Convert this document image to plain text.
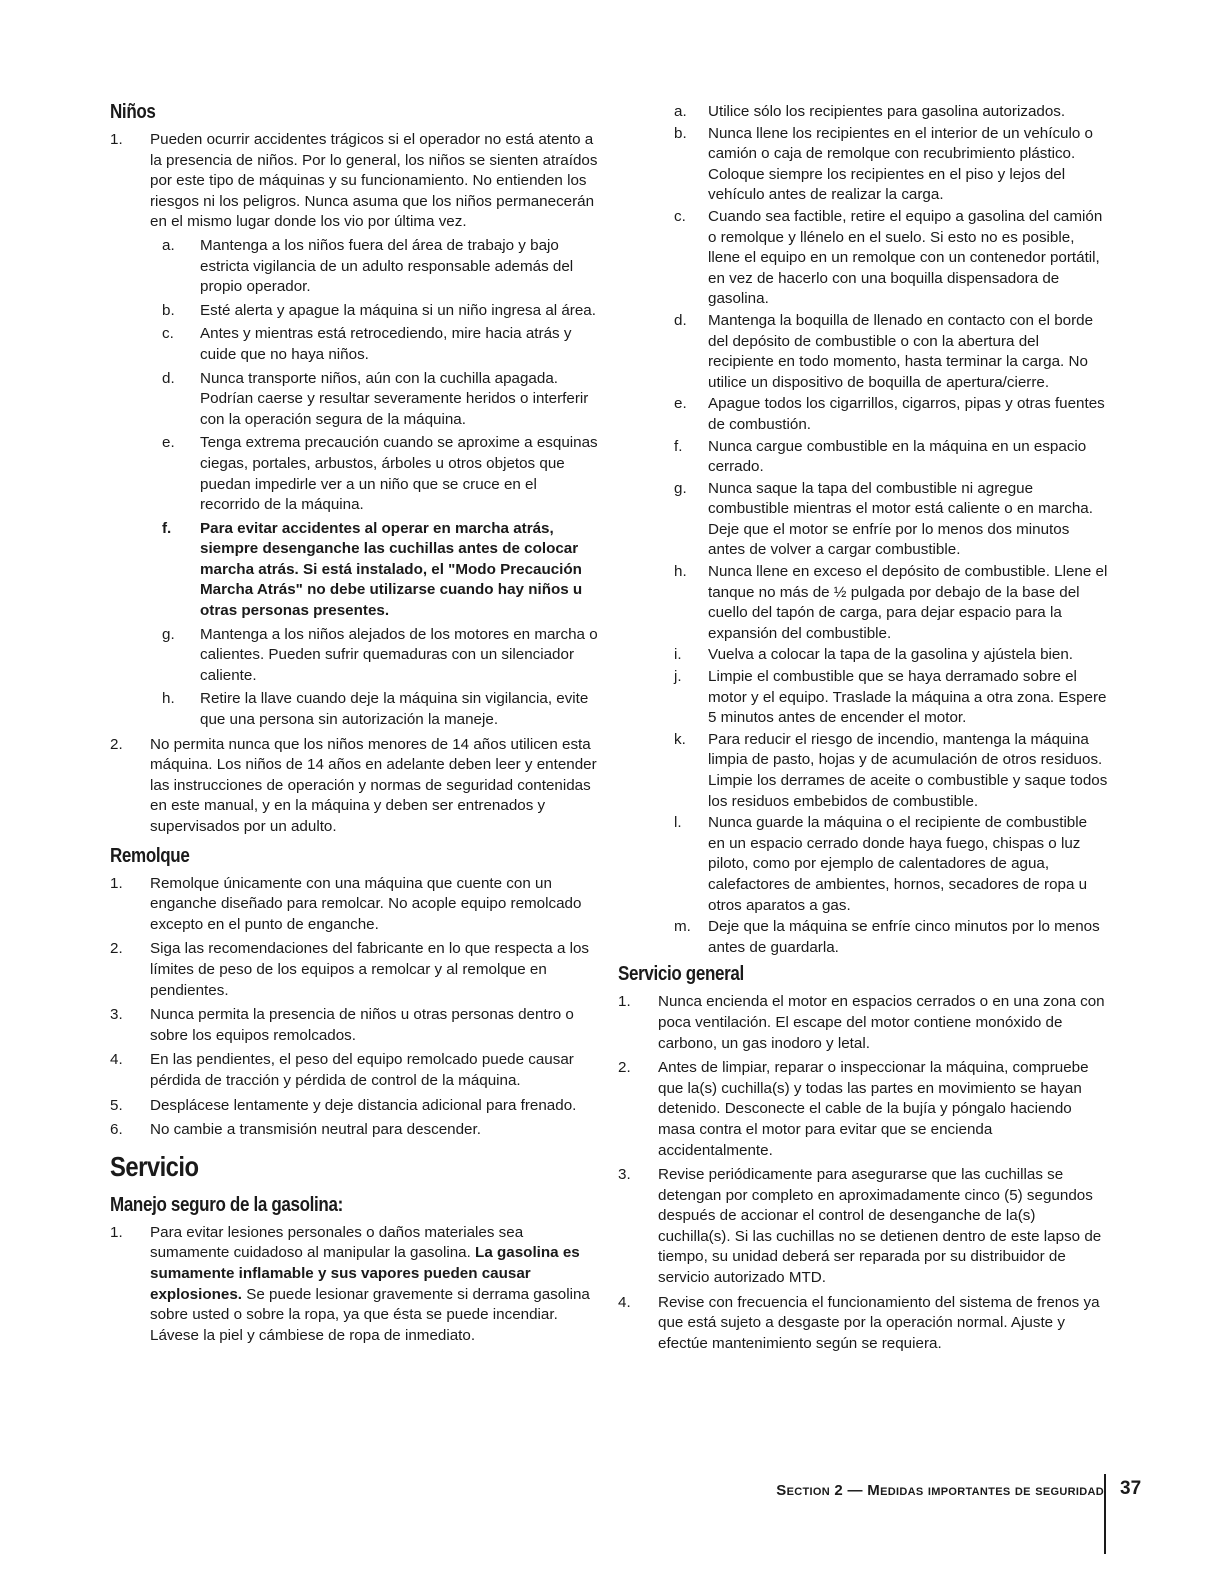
Niños
1. Pueden ocurrir accidentes trágicos si el operador no está atento a la presencia de niños. Por lo general, los niños se sienten atraídos por este tipo de máquinas y su funcionamiento. No entienden los riesgos ni los peligros. Nunca asuma que los niños permanecerán en el mismo lugar donde los vio por última vez.
a. Mantenga a los niños fuera del área de trabajo y bajo estricta vigilancia de un adulto responsable además del propio operador.
b. Esté alerta y apague la máquina si un niño ingresa al área.
c. Antes y mientras está retrocediendo, mire hacia atrás y cuide que no haya niños.
d. Nunca transporte niños, aún con la cuchilla apagada. Podrían caerse y resultar severamente heridos o interferir con la operación segura de la máquina.
e. Tenga extrema precaución cuando se aproxime a esquinas ciegas, portales, arbustos, árboles u otros objetos que puedan impedirle ver a un niño que se cruce en el recorrido de la máquina.
f. Para evitar accidentes al operar en marcha atrás, siempre desenganche las cuchillas antes de colocar marcha atrás. Si está instalado, el "Modo Precaución Marcha Atrás" no debe utilizarse cuando hay niños u otras personas presentes.
g. Mantenga a los niños alejados de los motores en marcha o calientes. Pueden sufrir quemaduras con un silenciador caliente.
h. Retire la llave cuando deje la máquina sin vigilancia, evite que una persona sin autorización la maneje.
2. No permita nunca que los niños menores de 14 años utilicen esta máquina. Los niños de 14 años en adelante deben leer y entender las instrucciones de operación y normas de seguridad contenidas en este manual, y en la máquina y deben ser entrenados y supervisados por un adulto.
Remolque
1. Remolque únicamente con una máquina que cuente con un enganche diseñado para remolcar. No acople equipo remolcado excepto en el punto de enganche.
2. Siga las recomendaciones del fabricante en lo que respecta a los límites de peso de los equipos a remolcar y al remolque en pendientes.
3. Nunca permita la presencia de niños u otras personas dentro o sobre los equipos remolcados.
4. En las pendientes, el peso del equipo remolcado puede causar pérdida de tracción y pérdida de control de la máquina.
5. Desplácese lentamente y deje distancia adicional para frenado.
6. No cambie a transmisión neutral para descender.
Servicio
Manejo seguro de la gasolina:
1. Para evitar lesiones personales o daños materiales sea sumamente cuidadoso al manipular la gasolina. La gasolina es sumamente inflamable y sus vapores pueden causar explosiones. Se puede lesionar gravemente si derrama gasolina sobre usted o sobre la ropa, ya que ésta se puede incendiar. Lávese la piel y cámbiese de ropa de inmediato.
a. Utilice sólo los recipientes para gasolina autorizados.
b. Nunca llene los recipientes en el interior de un vehículo o camión o caja de remolque con recubrimiento plástico. Coloque siempre los recipientes en el piso y lejos del vehículo antes de realizar la carga.
c. Cuando sea factible, retire el equipo a gasolina del camión o remolque y llénelo en el suelo. Si esto no es posible, llene el equipo en un remolque con un contenedor portátil, en vez de hacerlo con una boquilla dispensadora de gasolina.
d. Mantenga la boquilla de llenado en contacto con el borde del depósito de combustible o con la abertura del recipiente en todo momento, hasta terminar la carga. No utilice un dispositivo de boquilla de apertura/cierre.
e. Apague todos los cigarrillos, cigarros, pipas y otras fuentes de combustión.
f. Nunca cargue combustible en la máquina en un espacio cerrado.
g. Nunca saque la tapa del combustible ni agregue combustible mientras el motor está caliente o en marcha. Deje que el motor se enfríe por lo menos dos minutos antes de volver a cargar combustible.
h. Nunca llene en exceso el depósito de combustible. Llene el tanque no más de ½ pulgada por debajo de la base del cuello del tapón de carga, para dejar espacio para la expansión del combustible.
i. Vuelva a colocar la tapa de la gasolina y ajústela bien.
j. Limpie el combustible que se haya derramado sobre el motor y el equipo. Traslade la máquina a otra zona. Espere 5 minutos antes de encender el motor.
k. Para reducir el riesgo de incendio, mantenga la máquina limpia de pasto, hojas y de acumulación de otros residuos. Limpie los derrames de aceite o combustible y saque todos los residuos embebidos de combustible.
l. Nunca guarde la máquina o el recipiente de combustible en un espacio cerrado donde haya fuego, chispas o luz piloto, como por ejemplo de calentadores de agua, calefactores de ambientes, hornos, secadores de ropa u otros aparatos a gas.
m. Deje que la máquina se enfríe cinco minutos por lo menos antes de guardarla.
Servicio general
1. Nunca encienda el motor en espacios cerrados o en una zona con poca ventilación. El escape del motor contiene monóxido de carbono, un gas inodoro y letal.
2. Antes de limpiar, reparar o inspeccionar la máquina, compruebe que la(s) cuchilla(s) y todas las partes en movimiento se hayan detenido. Desconecte el cable de la bujía y póngalo haciendo masa contra el motor para evitar que se encienda accidentalmente.
3. Revise periódicamente para asegurarse que las cuchillas se detengan por completo en aproximadamente cinco (5) segundos después de accionar el control de desenganche de la(s) cuchilla(s). Si las cuchillas no se detienen dentro de este lapso de tiempo, su unidad deberá ser reparada por su distribuidor de servicio autorizado MTD.
4. Revise con frecuencia el funcionamiento del sistema de frenos ya que está sujeto a desgaste por la operación normal. Ajuste y efectúe mantenimiento según se requiera.
Section 2 — Medidas importantes de seguridad 37
